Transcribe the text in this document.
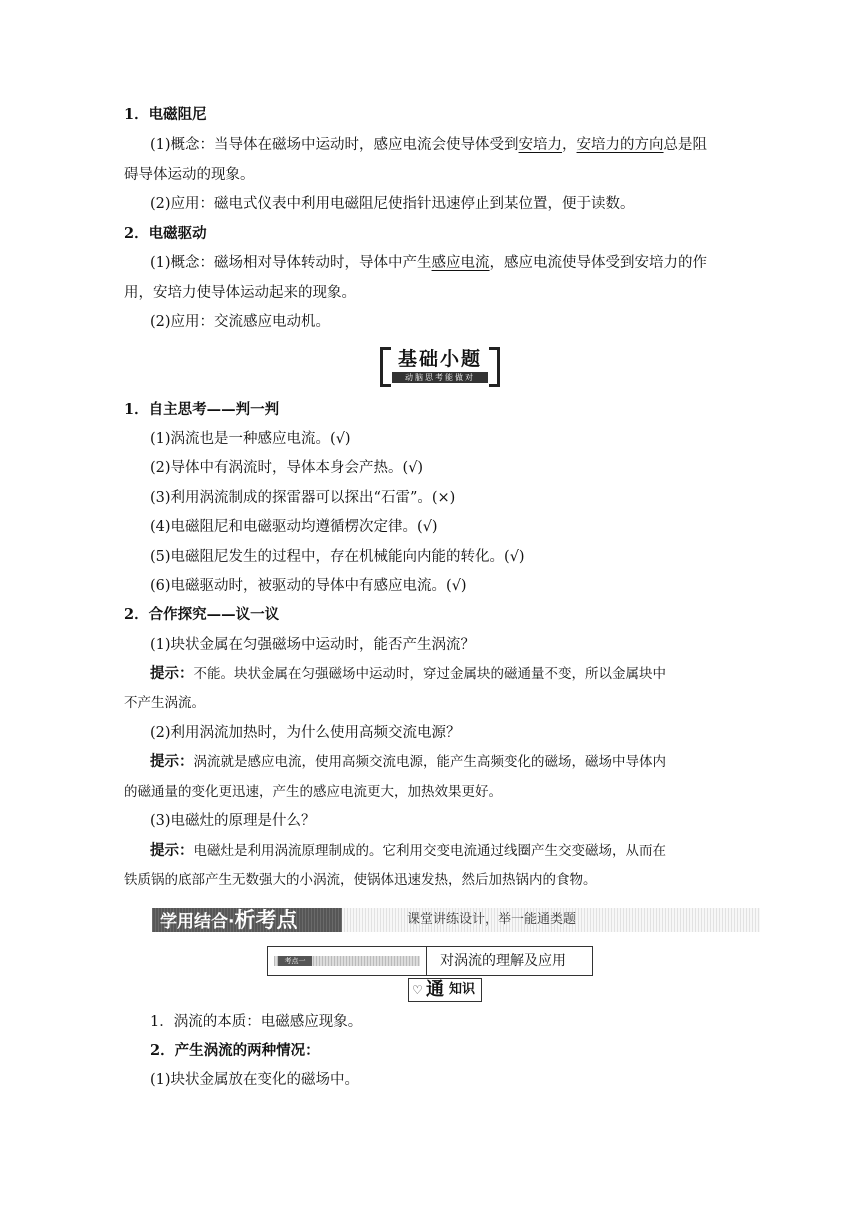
1．电磁阻尼
(1)概念：当导体在磁场中运动时，感应电流会使导体受到安培力，安培力的方向总是阻
碍导体运动的现象。
(2)应用：磁电式仪表中利用电磁阻尼使指针迅速停止到某位置，便于读数。
2．电磁驱动
(1)概念：磁场相对导体转动时，导体中产生感应电流，感应电流使导体受到安培力的作
用，安培力使导体运动起来的现象。
(2)应用：交流感应电动机。
基础小题
动脑思考能做对
1．自主思考——判一判
(1)涡流也是一种感应电流。(√)
(2)导体中有涡流时，导体本身会产热。(√)
(3)利用涡流制成的探雷器可以探出“石雷”。(×)
(4)电磁阻尼和电磁驱动均遵循楞次定律。(√)
(5)电磁阻尼发生的过程中，存在机械能向内能的转化。(√)
(6)电磁驱动时，被驱动的导体中有感应电流。(√)
2．合作探究——议一议
(1)块状金属在匀强磁场中运动时，能否产生涡流？
提示：不能。块状金属在匀强磁场中运动时，穿过金属块的磁通量不变，所以金属块中
不产生涡流。
(2)利用涡流加热时，为什么使用高频交流电源？
提示：涡流就是感应电流，使用高频交流电源，能产生高频变化的磁场，磁场中导体内
的磁通量的变化更迅速，产生的感应电流更大，加热效果更好。
(3)电磁灶的原理是什么？
提示：电磁灶是利用涡流原理制成的。它利用交变电流通过线圈产生交变磁场，从而在
铁质锅的底部产生无数强大的小涡流，使锅体迅速发热，然后加热锅内的食物。
学用结合·析考点	课堂讲练设计，举一能通类题
考点一	对涡流的理解及应用
♡ 通 知识
1．涡流的本质：电磁感应现象。
2．产生涡流的两种情况：
(1)块状金属放在变化的磁场中。
